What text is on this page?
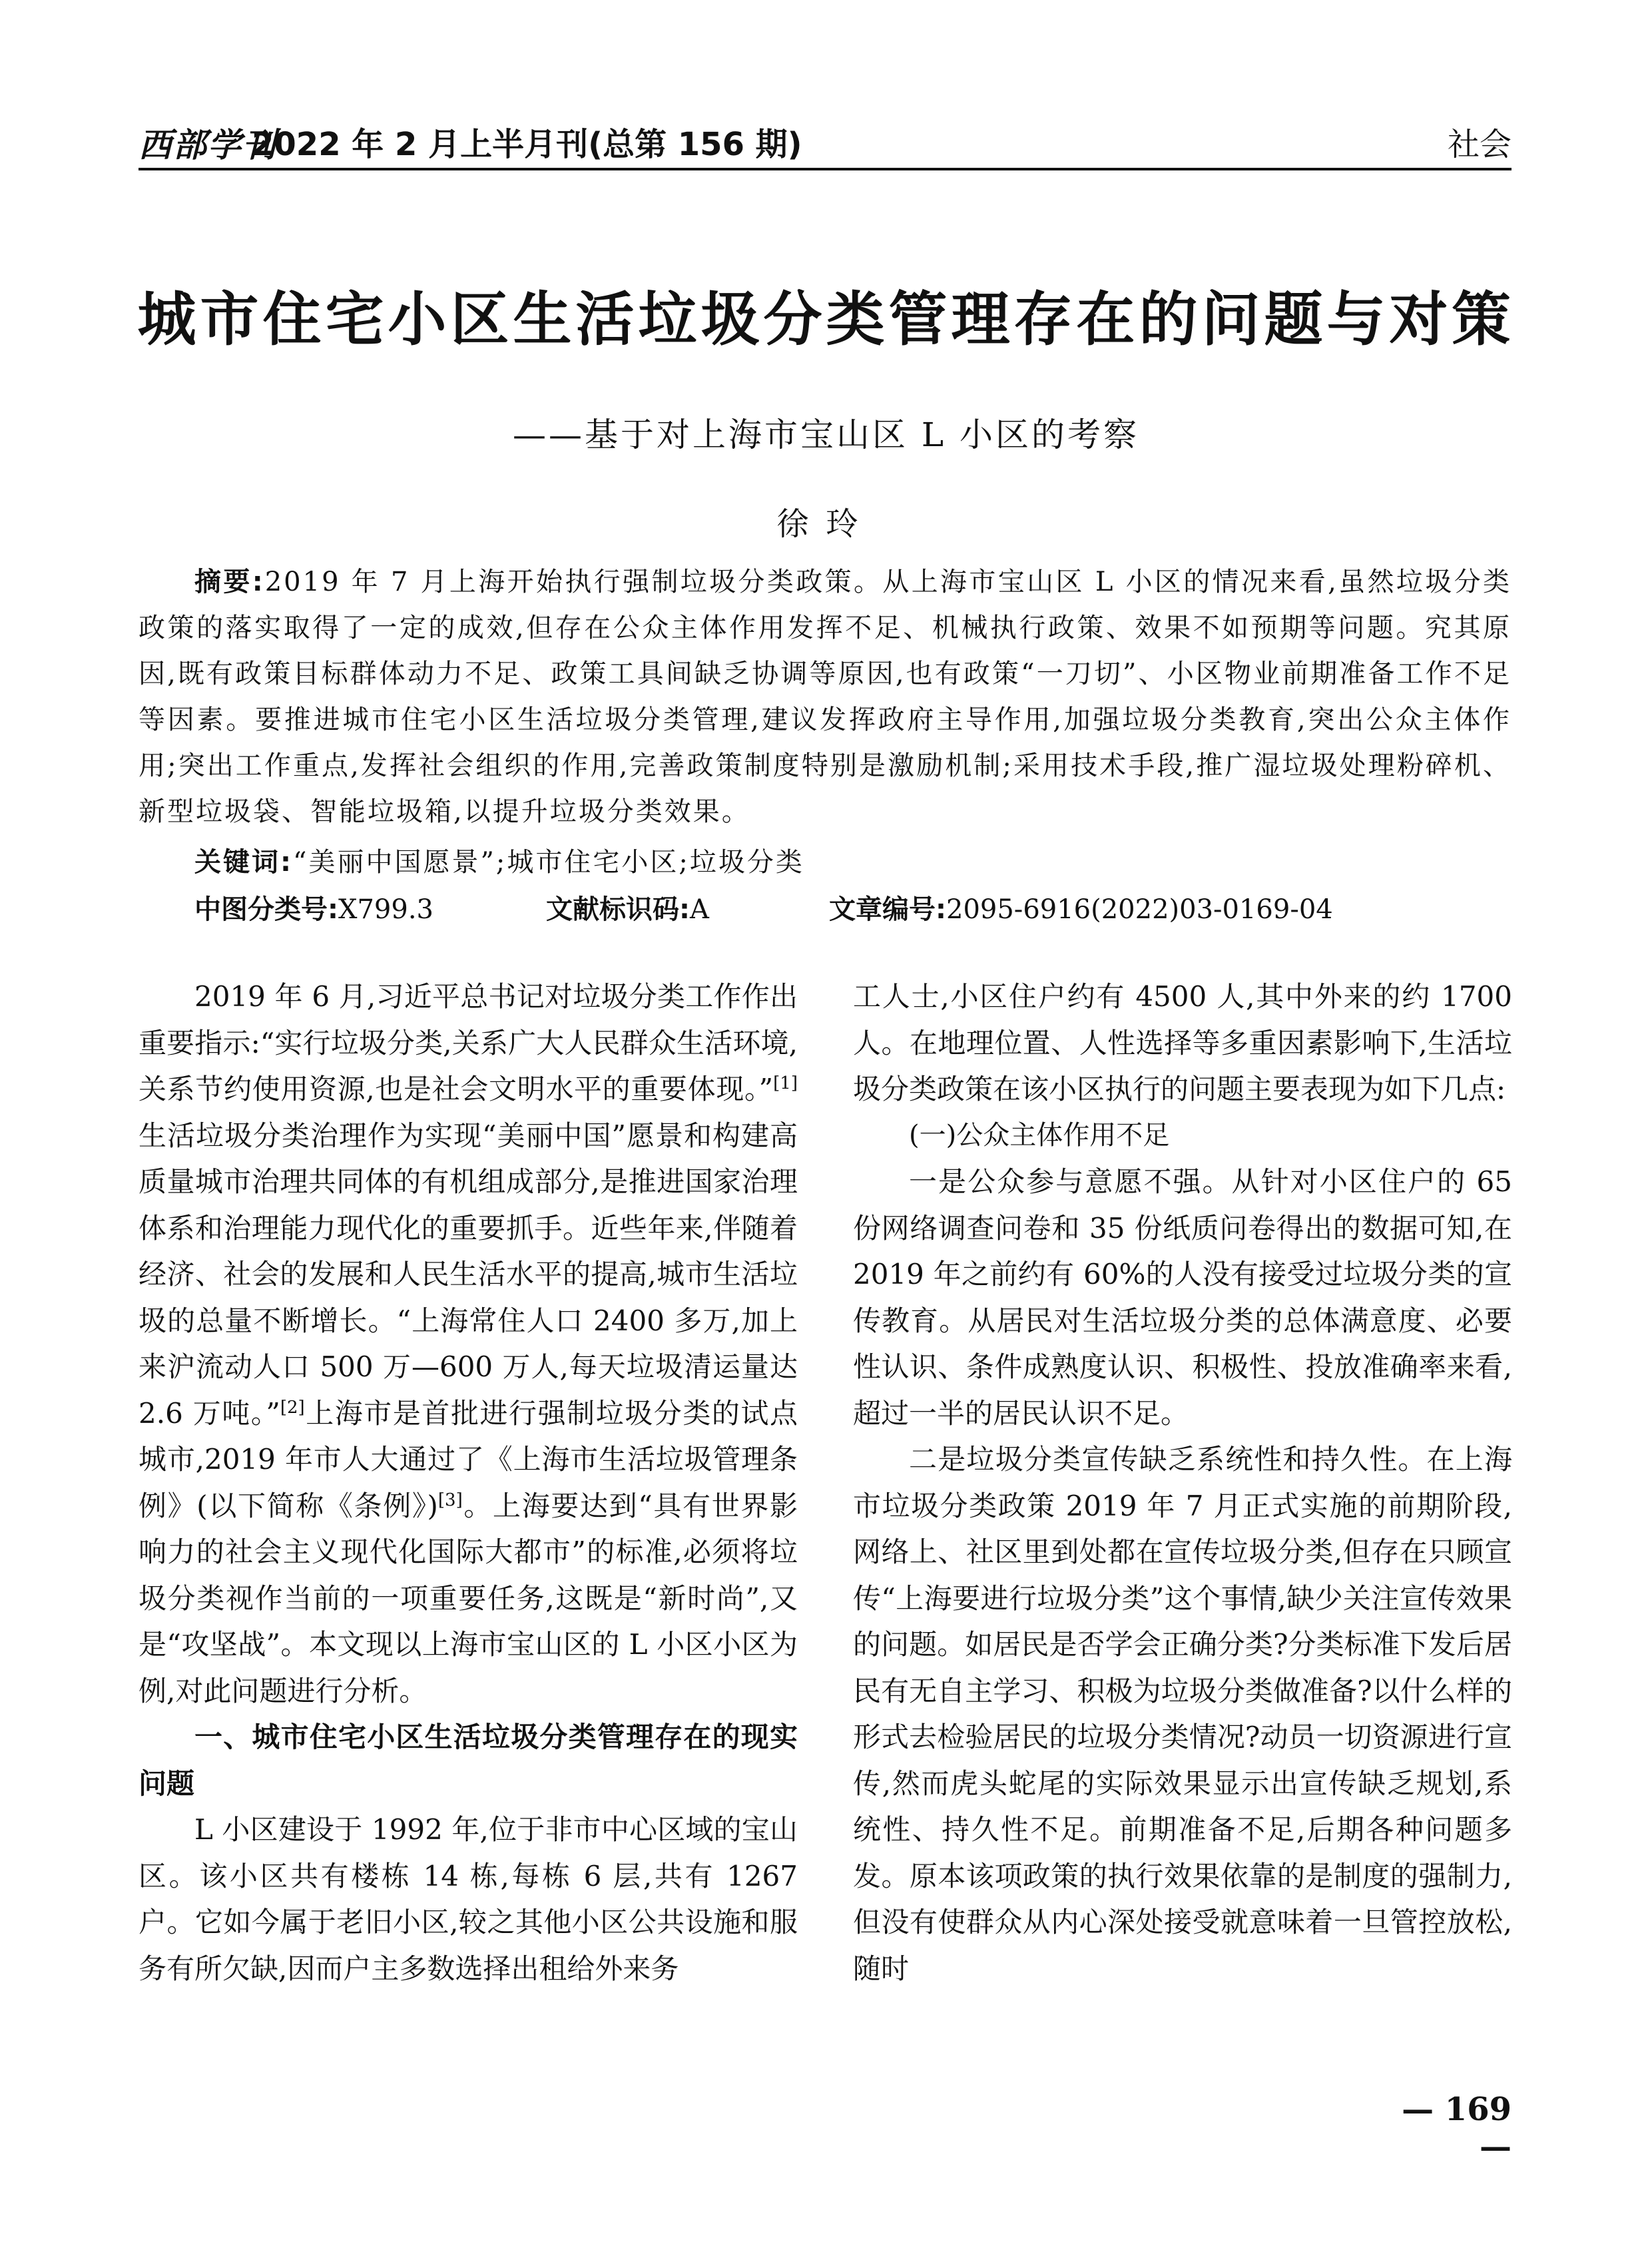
西部学刊
2022 年 2 月上半月刊(总第 156 期)	社会
城市住宅小区生活垃圾分类管理存在的问题与对策
——基于对上海市宝山区 L 小区的考察
徐玲
摘要:2019 年 7 月上海开始执行强制垃圾分类政策。从上海市宝山区 L 小区的情况来看,虽然垃圾分类政策的落实取得了一定的成效,但存在公众主体作用发挥不足、机械执行政策、效果不如预期等问题。究其原因,既有政策目标群体动力不足、政策工具间缺乏协调等原因,也有政策“一刀切”、小区物业前期准备工作不足等因素。要推进城市住宅小区生活垃圾分类管理,建议发挥政府主导作用,加强垃圾分类教育,突出公众主体作用;突出工作重点,发挥社会组织的作用,完善政策制度特别是激励机制;采用技术手段,推广湿垃圾处理粉碎机、新型垃圾袋、智能垃圾箱,以提升垃圾分类效果。
关键词:“美丽中国愿景”;城市住宅小区;垃圾分类
中图分类号:X799.3	文献标识码:A	文章编号:2095-6916(2022)03-0169-04

2019 年 6 月,习近平总书记对垃圾分类工作作出重要指示:“实行垃圾分类,关系广大人民群众生活环境,关系节约使用资源,也是社会文明水平的重要体现。”[1]生活垃圾分类治理作为实现“美丽中国”愿景和构建高质量城市治理共同体的有机组成部分,是推进国家治理体系和治理能力现代化的重要抓手。近些年来,伴随着经济、社会的发展和人民生活水平的提高,城市生活垃圾的总量不断增长。“上海常住人口 2400 多万,加上来沪流动人口 500 万—600 万人,每天垃圾清运量达 2.6 万吨。”[2]上海市是首批进行强制垃圾分类的试点城市,2019 年市人大通过了《上海市生活垃圾管理条例》(以下简称《条例》)[3]。上海要达到“具有世界影响力的社会主义现代化国际大都市”的标准,必须将垃圾分类视作当前的一项重要任务,这既是“新时尚”,又是“攻坚战”。本文现以上海市宝山区的 L 小区小区为例,对此问题进行分析。

一、城市住宅小区生活垃圾分类管理存在的现实问题

L 小区建设于 1992 年,位于非市中心区域的宝山区。该小区共有楼栋 14 栋,每栋 6 层,共有 1267 户。它如今属于老旧小区,较之其他小区公共设施和服务有所欠缺,因而户主多数选择出租给外来务

工人士,小区住户约有 4500 人,其中外来的约 1700 人。在地理位置、人性选择等多重因素影响下,生活垃圾分类政策在该小区执行的问题主要表现为如下几点:

(一)公众主体作用不足

一是公众参与意愿不强。从针对小区住户的 65 份网络调查问卷和 35 份纸质问卷得出的数据可知,在 2019 年之前约有 60%的人没有接受过垃圾分类的宣传教育。从居民对生活垃圾分类的总体满意度、必要性认识、条件成熟度认识、积极性、投放准确率来看,超过一半的居民认识不足。

二是垃圾分类宣传缺乏系统性和持久性。在上海市垃圾分类政策 2019 年 7 月正式实施的前期阶段,网络上、社区里到处都在宣传垃圾分类,但存在只顾宣传“上海要进行垃圾分类”这个事情,缺少关注宣传效果的问题。如居民是否学会正确分类?分类标准下发后居民有无自主学习、积极为垃圾分类做准备?以什么样的形式去检验居民的垃圾分类情况?动员一切资源进行宣传,然而虎头蛇尾的实际效果显示出宣传缺乏规划,系统性、持久性不足。前期准备不足,后期各种问题多发。原本该项政策的执行效果依靠的是制度的强制力,但没有使群众从内心深处接受就意味着一旦管控放松,随时

— 169 —
